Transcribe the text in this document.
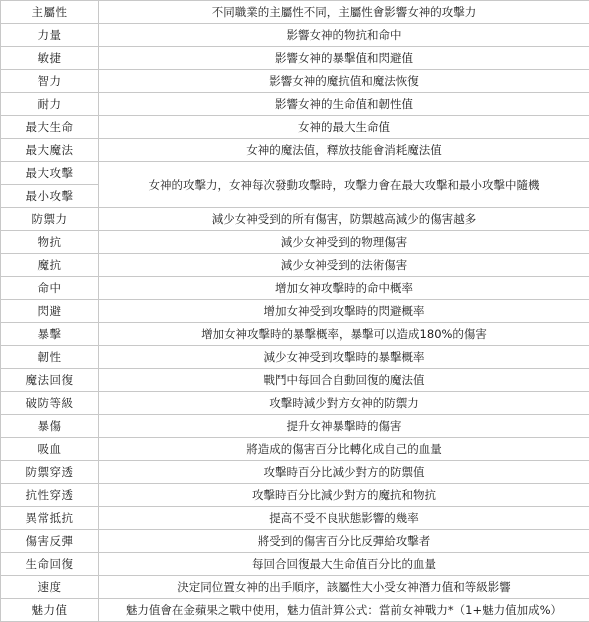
主屬性	不同職業的主屬性不同，主屬性會影響女神的攻擊力
力量	影響女神的物抗和命中
敏捷	影響女神的暴擊值和閃避值
智力	影響女神的魔抗值和魔法恢復
耐力	影響女神的生命值和韌性值
最大生命	女神的最大生命值
最大魔法	女神的魔法值，釋放技能會消耗魔法值
最大攻擊	女神的攻擊力，女神每次發動攻擊時，攻擊力會在最大攻擊和最小攻擊中隨機
最小攻擊	
防禦力	減少女神受到的所有傷害，防禦越高減少的傷害越多
物抗	減少女神受到的物理傷害
魔抗	減少女神受到的法術傷害
命中	增加女神攻擊時的命中概率
閃避	增加女神受到攻擊時的閃避概率
暴擊	增加女神攻擊時的暴擊概率，暴擊可以造成180%的傷害
韌性	減少女神受到攻擊時的暴擊概率
魔法回復	戰鬥中每回合自動回復的魔法值
破防等級	攻擊時減少對方女神的防禦力
暴傷	提升女神暴擊時的傷害
吸血	將造成的傷害百分比轉化成自己的血量
防禦穿透	攻擊時百分比減少對方的防禦值
抗性穿透	攻擊時百分比減少對方的魔抗和物抗
異常抵抗	提高不受不良狀態影響的幾率
傷害反彈	將受到的傷害百分比反彈給攻擊者
生命回復	每回合回復最大生命值百分比的血量
速度	決定同位置女神的出手順序，該屬性大小受女神潛力值和等級影響
魅力值	魅力值會在金蘋果之戰中使用，魅力值計算公式：當前女神戰力*（1+魅力值加成%）
